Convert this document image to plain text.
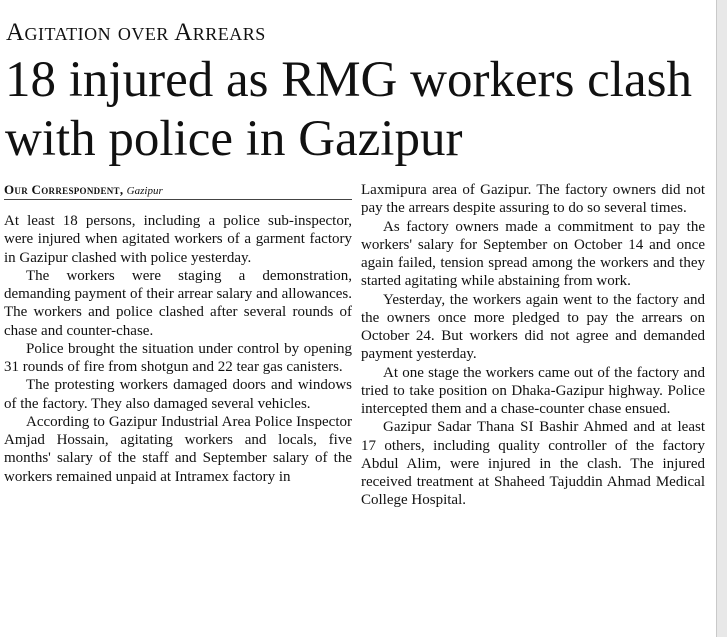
Agitation over Arrears
18 injured as RMG workers clash with police in Gazipur
Our Correspondent, Gazipur

At least 18 persons, including a police sub-inspector, were injured when agitated workers of a garment factory in Gazipur clashed with police yesterday.

The workers were staging a demonstration, demanding payment of their arrear salary and allowances. The workers and police clashed after several rounds of chase and counter-chase.

Police brought the situation under control by opening 31 rounds of fire from shotgun and 22 tear gas canisters.

The protesting workers damaged doors and windows of the factory. They also damaged several vehicles.

According to Gazipur Industrial Area Police Inspector Amjad Hossain, agitating workers and locals, five months' salary of the staff and September salary of the workers remained unpaid at Intramex factory in

Laxmipura area of Gazipur. The factory owners did not pay the arrears despite assuring to do so several times.

As factory owners made a commitment to pay the workers' salary for September on October 14 and once again failed, tension spread among the workers and they started agitating while abstaining from work.

Yesterday, the workers again went to the factory and the owners once more pledged to pay the arrears on October 24. But workers did not agree and demanded payment yesterday.

At one stage the workers came out of the factory and tried to take position on Dhaka-Gazipur highway. Police intercepted them and a chase-counter chase ensued.

Gazipur Sadar Thana SI Bashir Ahmed and at least 17 others, including quality controller of the factory Abdul Alim, were injured in the clash. The injured received treatment at Shaheed Tajuddin Ahmad Medical College Hospital.
